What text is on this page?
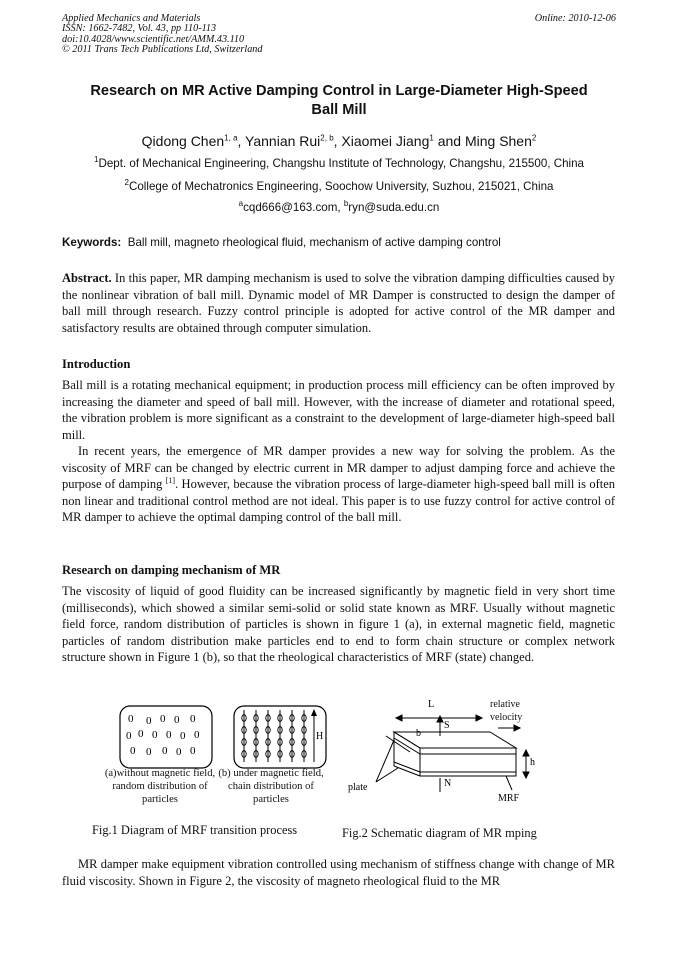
Applied Mechanics and Materials
ISSN: 1662-7482, Vol. 43, pp 110-113
doi:10.4028/www.scientific.net/AMM.43.110
© 2011 Trans Tech Publications Ltd, Switzerland
Online: 2010-12-06
Research on MR Active Damping Control in Large-Diameter High-Speed
Ball Mill
Qidong Chen$^{1, a}$, Yannian Rui$^{2, b}$, Xiaomei Jiang$^1$ and Ming Shen$^2$
$^1$Dept. of Mechanical Engineering, Changshu Institute of Technology, Changshu, 215500, China
$^2$College of Mechatronics Engineering, Soochow University, Suzhou, 215021, China
$^a$cqd666@163.com, $^b$ryn@suda.edu.cn
Keywords: Ball mill, magneto rheological fluid, mechanism of active damping control
Abstract. In this paper, MR damping mechanism is used to solve the vibration damping difficulties caused by the nonlinear vibration of ball mill. Dynamic model of MR Damper is constructed to design the damper of ball mill through research. Fuzzy control principle is adopted for active control of the MR damper and satisfactory results are obtained through computer simulation.
Introduction
Ball mill is a rotating mechanical equipment; in production process mill efficiency can be often improved by increasing the diameter and speed of ball mill. However, with the increase of diameter and rotational speed, the vibration problem is more significant as a constraint to the development of large-diameter high-speed ball mill.
In recent years, the emergence of MR damper provides a new way for solving the problem. As the viscosity of MRF can be changed by electric current in MR damper to adjust damping force and achieve the purpose of damping [1]. However, because the vibration process of large-diameter high-speed ball mill is often non linear and traditional control method are not ideal. This paper is to use fuzzy control for active control of MR damper to achieve the optimal damping control of the ball mill.
Research on damping mechanism of MR
The viscosity of liquid of good fluidity can be increased significantly by magnetic field in very short time (milliseconds), which showed a similar semi-solid or solid state known as MRF. Usually without magnetic field force, random distribution of particles is shown in figure 1 (a), in external magnetic field, magnetic particles of random distribution make particles end to end to form chain structure or complex network structure shown in Figure 1 (b), so that the rheological characteristics of MRF (state) changed.
0 0 0 0 0
0 0 0 0 0 0
0 0 0 0 0
H
(a)without magnetic field, random distribution of particles
(b) under magnetic field, chain distribution of particles
Fig.1 Diagram of MRF transition process
L
S
b
h
N
plate
MRF
relative velocity
Fig.2 Schematic diagram of MR mping
MR damper make equipment vibration controlled using mechanism of stiffness change with change of MR fluid viscosity. Shown in Figure 2, the viscosity of magneto rheological fluid to the MR
